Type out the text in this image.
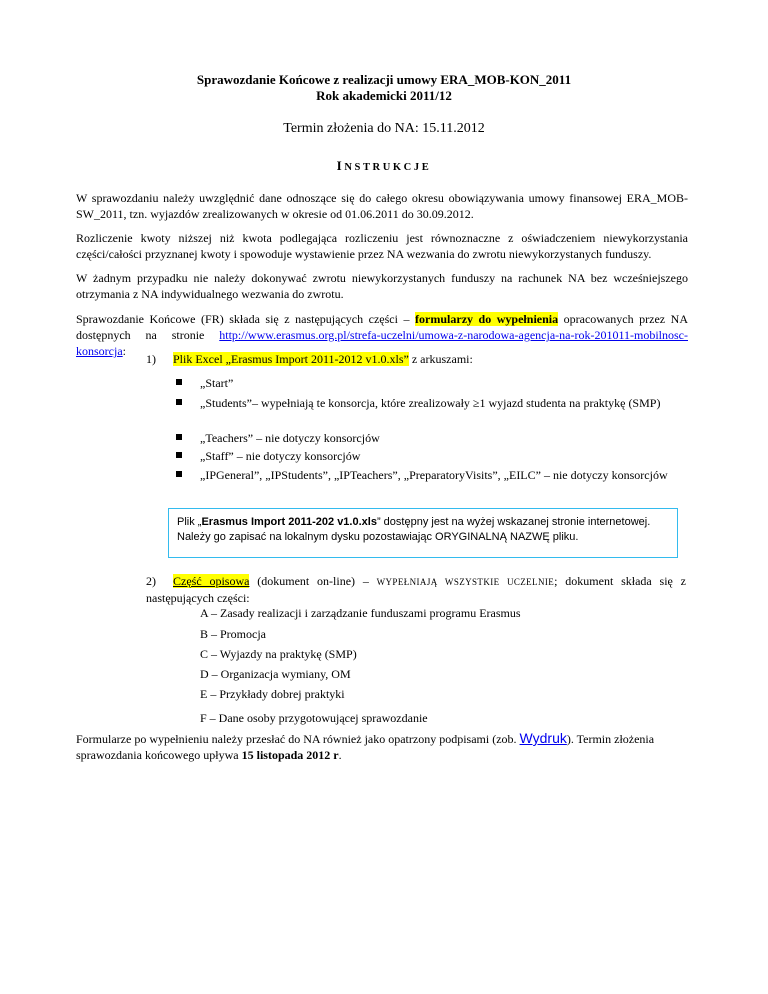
Sprawozdanie Końcowe z realizacji umowy ERA_MOB-KON_2011
Rok akademicki 2011/12
Termin złożenia do NA: 15.11.2012
INSTRUKCJE
W sprawozdaniu należy uwzględnić dane odnoszące się do całego okresu obowiązywania umowy finansowej ERA_MOB-SW_2011, tzn. wyjazdów zrealizowanych w okresie od 01.06.2011 do 30.09.2012.
Rozliczenie kwoty niższej niż kwota podlegająca rozliczeniu jest równoznaczne z oświadczeniem niewykorzystania części/całości przyznanej kwoty i spowoduje wystawienie przez NA wezwania do zwrotu niewykorzystanych funduszy.
W żadnym przypadku nie należy dokonywać zwrotu niewykorzystanych funduszy na rachunek NA bez wcześniejszego otrzymania z NA indywidualnego wezwania do zwrotu.
Sprawozdanie Końcowe (FR) składa się z następujących części – formularzy do wypełnienia opracowanych przez NA dostępnych na stronie http://www.erasmus.org.pl/strefa-uczelni/umowa-z-narodowa-agencja-na-rok-201011-mobilnosc-konsorcja:
1) Plik Excel „Erasmus Import 2011-2012 v1.0.xls” z arkuszami:
„Start”
„Students”– wypełniają te konsorcja, które zrealizowały ≥1 wyjazd studenta na praktykę (SMP)
„Teachers” – nie dotyczy konsorcjów
„Staff” – nie dotyczy konsorcjów
Plik „Erasmus Import 2011-202 v1.0.xls” dostępny jest na wyżej wskazanej stronie internetowej. Należy go zapisać na lokalnym dysku pozostawiając ORYGINALNĄ NAZWĘ pliku.
2) Część opisowa (dokument on-line) – WYPEŁNIAJĄ WSZYSTKIE UCZELNIE; dokument składa się z następujących części:
A – Zasady realizacji i zarządzanie funduszami programu Erasmus
B – Promocja
C – Wyjazdy na praktykę (SMP)
D – Organizacja wymiany, OM
E – Przykłady dobrej praktyki
F – Dane osoby przygotowującej sprawozdanie
Formularze po wypełnieniu należy przesłać do NA również jako opatrzony podpisami (zob. Wydruk). Termin złożenia sprawozdania końcowego upływa 15 listopada 2012 r.
„IPGeneral”, „IPStudents”, „IPTeachers”, „PreparatoryVisits”, „EILC” – nie dotyczy konsorcjów
